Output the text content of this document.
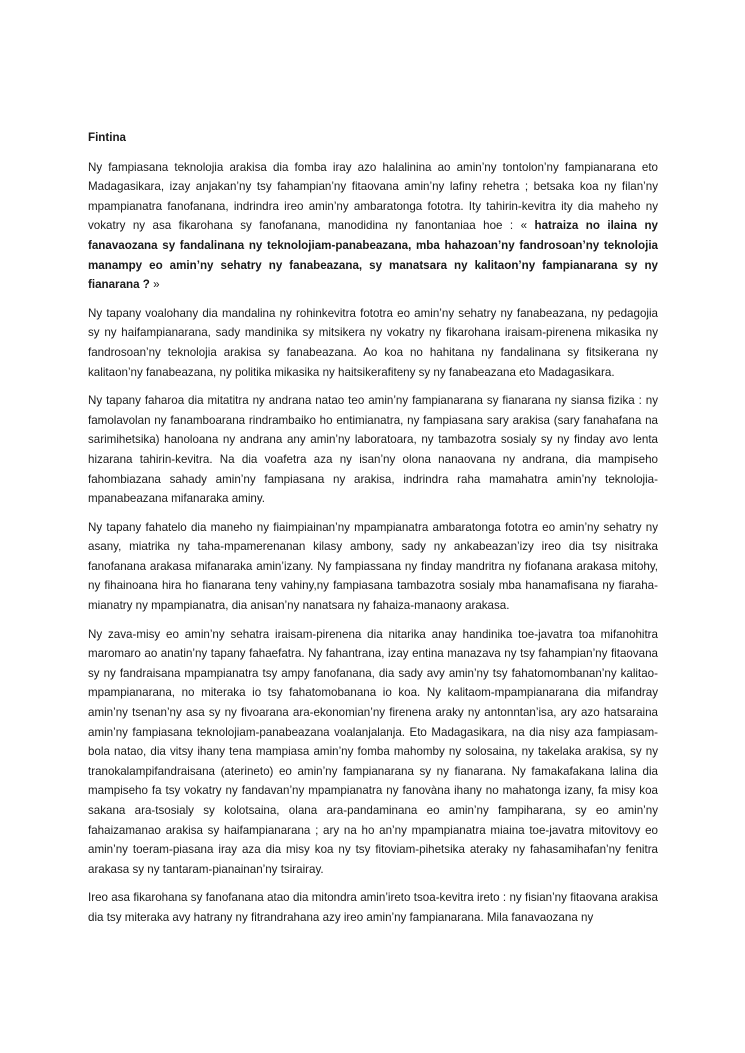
Fintina

Ny fampiasana teknolojia arakisa dia fomba iray azo halalinina ao amin’ny tontolon’ny fampianarana eto Madagasikara, izay anjakan’ny tsy fahampian’ny fitaovana amin’ny lafiny rehetra ; betsaka koa ny filan’ny mpampianatra fanofanana, indrindra ireo amin’ny ambaratonga fototra. Ity tahirin-kevitra ity dia maheho ny vokatry ny asa fikarohana sy fanofanana, manodidina ny fanontaniaa hoe : « hatraiza no ilaina ny fanavaozana sy fandalinana ny teknolojiam-panabeazana, mba hahazoan’ny fandrosoan’ny teknolojia manampy eo amin’ny sehatry ny fanabeazana, sy manatsara ny kalitaon’ny fampianarana sy ny fianarana ? »

Ny tapany voalohany dia mandalina ny rohinkevitra fototra eo amin’ny sehatry ny fanabeazana, ny pedagojia sy ny haifampianarana, sady mandinika sy mitsikera ny vokatry ny fikarohana iraisam-pirenena mikasika ny fandrosoan’ny teknolojia arakisa sy fanabeazana. Ao koa no hahitana ny fandalinana sy fitsikerana ny kalitaon’ny fanabeazana, ny politika mikasika ny haitsikerafiteny sy ny fanabeazana eto Madagasikara.

Ny tapany faharoa dia mitatitra ny andrana natao teo amin’ny fampianarana sy fianarana ny siansa fizika : ny famolavolan ny fanamboarana rindrambaiko ho entimianatra, ny fampiasana sary arakisa (sary fanahafana na sarimihetsika) hanoloana ny andrana any amin’ny laboratoara, ny tambazotra sosialy sy ny finday avo lenta hizarana tahirin-kevitra. Na dia voafetra aza ny isan’ny olona nanaovana ny andrana, dia mampiseho fahombiazana sahady amin’ny fampiasana ny arakisa, indrindra raha mamahatra amin’ny teknolojia-mpanabeazana mifanaraka aminy.

Ny tapany fahatelo dia maneho ny fiaimpiainan’ny mpampianatra ambaratonga fototra eo amin’ny sehatry ny asany, miatrika ny taha-mpamerenanan kilasy ambony, sady ny ankabeazan’izy ireo dia tsy nisitraka fanofanana arakasa mifanaraka amin’izany. Ny fampiassana ny finday mandritra ny fiofanana arakasa mitohy, ny fihainoana hira ho fianarana teny vahiny,ny fampiasana tambazotra sosialy mba hanamafisana ny fiaraha-mianatry ny mpampianatra, dia anisan’ny nanatsara ny fahaiza-manaony arakasa.

Ny zava-misy eo amin’ny sehatra iraisam-pirenena dia nitarika anay handinika toe-javatra toa mifanohitra maromaro ao anatin’ny tapany fahaefatra. Ny fahantrana, izay entina manazava ny tsy fahampian’ny fitaovana sy ny fandraisana mpampianatra tsy ampy fanofanana, dia sady avy amin’ny tsy fahatomombanan’ny kalitao-mpampianarana, no miteraka io tsy fahatomobanana io koa. Ny kalitaom-mpampianarana dia mifandray amin’ny tsenan’ny asa sy ny fivoarana ara-ekonomian’ny firenena araky ny antonntan’isa, ary azo hatsaraina amin’ny fampiasana teknolojiam-panabeazana voalanjalanja. Eto Madagasikara, na dia nisy aza fampiasam-bola natao, dia vitsy ihany tena mampiasa amin’ny fomba mahomby ny solosaina, ny takelaka arakisa, sy ny tranokalampifandraisana (aterineto) eo amin’ny fampianarana sy ny fianarana. Ny famakafakana lalina dia mampiseho fa tsy vokatry ny fandavan’ny mpampianatra ny fanovàna ihany no mahatonga izany, fa misy koa sakana ara-tsosialy sy kolotsaina, olana ara-pandaminana eo amin’ny fampiharana, sy eo amin’ny fahaizamanao arakisa sy haifampianarana ; ary na ho an’ny mpampianatra miaina toe-javatra mitovitovy eo amin’ny toeram-piasana iray aza dia misy koa ny tsy fitoviam-pihetsika ateraky ny fahasamihafan’ny fenitra arakasa sy ny tantaram-pianainan’ny tsirairay.

Ireo asa fikarohana sy fanofanana atao dia mitondra amin’ireto tsoa-kevitra ireto : ny fisian’ny fitaovana arakisa dia tsy miteraka avy hatrany ny fitrandrahana azy ireo amin’ny fampianarana. Mila fanavaozana ny
